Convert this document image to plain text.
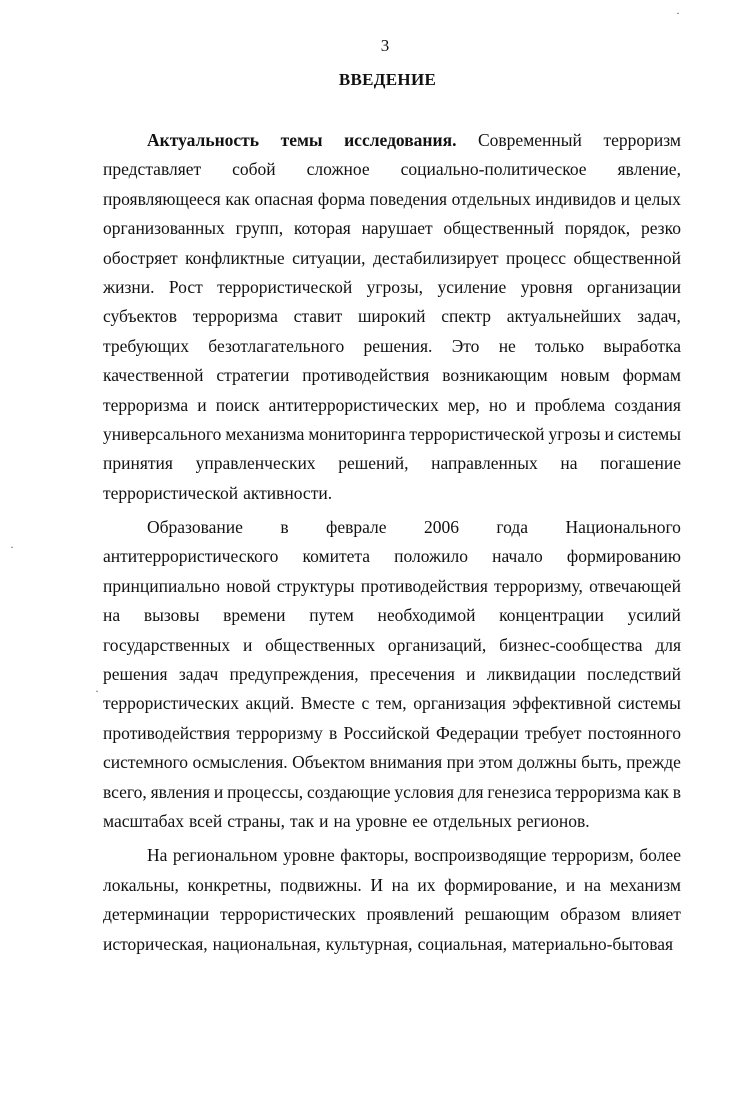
3
ВВЕДЕНИЕ
Актуальность темы исследования. Современный терроризм
представляет собой сложное социально-политическое явление,
проявляющееся как опасная форма поведения отдельных индивидов и целых
организованных групп, которая нарушает общественный порядок, резко
обостряет конфликтные ситуации, дестабилизирует процесс общественной
жизни. Рост террористической угрозы, усиление уровня организации
субъектов терроризма ставит широкий спектр актуальнейших задач,
требующих безотлагательного решения. Это не только выработка
качественной стратегии противодействия возникающим новым формам
терроризма и поиск антитеррористических мер, но и проблема создания
универсального механизма мониторинга террористической угрозы и системы
принятия управленческих решений, направленных на погашение
террористической активности.
Образование в феврале 2006 года Национального
антитеррористического комитета положило начало формированию
принципиально новой структуры противодействия терроризму, отвечающей
на вызовы времени путем необходимой концентрации усилий
государственных и общественных организаций, бизнес-сообщества для
решения задач предупреждения, пресечения и ликвидации последствий
террористических акций. Вместе с тем, организация эффективной системы
противодействия терроризму в Российской Федерации требует постоянного
системного осмысления. Объектом внимания при этом должны быть, прежде
всего, явления и процессы, создающие условия для генезиса терроризма как в
масштабах всей страны, так и на уровне ее отдельных регионов.
На региональном уровне факторы, воспроизводящие терроризм, более
локальны, конкретны, подвижны. И на их формирование, и на механизм
детерминации террористических проявлений решающим образом влияет
историческая, национальная, культурная, социальная, материально-бытовая
·
·
·
